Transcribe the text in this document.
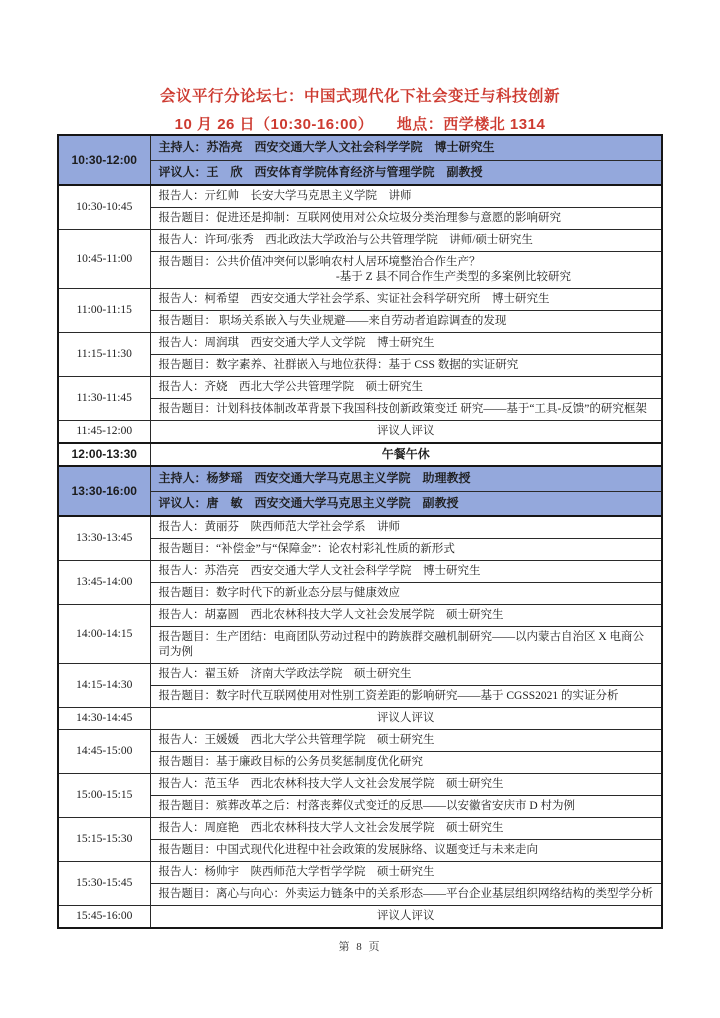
会议平行分论坛七：中国式现代化下社会变迁与科技创新
10 月 26 日（10:30-16:00）　　地点：西学楼北 1314
10:30-12:00	主持人：苏浩亮　西安交通大学人文社会科学学院　博士研究生
	评议人：王　欣　西安体育学院体育经济与管理学院　副教授
10:30-10:45	报告人：亓红帅　长安大学马克思主义学院　讲师

	报告题目：促进还是抑制：互联网使用对公众垃圾分类治理参与意愿的影响研究

10:45-11:00	报告人：许珂/张秀　西北政法大学政治与公共管理学院　讲师/硕士研究生

	报告题目：公共价值冲突何以影响农村人居环境整治合作生产？
-基于 Z 县不同合作生产类型的多案例比较研究

11:00-11:15	报告人：柯希望　西安交通大学社会学系、实证社会科学研究所　博士研究生

	报告题目： 职场关系嵌入与失业规避——来自劳动者追踪调查的发现

11:15-11:30	报告人：周润琪　西安交通大学人文学院　博士研究生

	报告题目：数字素养、社群嵌入与地位获得：基于 CSS 数据的实证研究

11:30-11:45	报告人：齐娆　西北大学公共管理学院　硕士研究生

	报告题目：计划科技体制改革背景下我国科技创新政策变迁 研究——基于“工具-反馈”的研究框架

11:45-12:00	评议人评议
12:00-13:30	午餐午休
13:30-16:00	主持人：杨梦瑶　西安交通大学马克思主义学院　助理教授
	评议人：唐　敏　西安交通大学马克思主义学院　副教授
13:30-13:45	报告人：黄丽芬　陕西师范大学社会学系　讲师

	报告题目：“补偿金”与“保障金”：论农村彩礼性质的新形式

13:45-14:00	报告人：苏浩亮　西安交通大学人文社会科学学院　博士研究生

	报告题目：数字时代下的新业态分层与健康效应

14:00-14:15	报告人：胡嘉圆　西北农林科技大学人文社会发展学院　硕士研究生

	报告题目：生产团结：电商团队劳动过程中的跨族群交融机制研究——以内蒙古自治区 X 电商公司为例

14:15-14:30	报告人：翟玉娇　济南大学政法学院　硕士研究生

	报告题目：数字时代互联网使用对性别工资差距的影响研究——基于 CGSS2021 的实证分析

14:30-14:45	评议人评议
14:45-15:00	报告人：王媛媛　西北大学公共管理学院　硕士研究生

	报告题目：基于廉政目标的公务员奖惩制度优化研究

15:00-15:15	报告人：范玉华　西北农林科技大学人文社会发展学院　硕士研究生

	报告题目：殡葬改革之后：村落丧葬仪式变迁的反思——以安徽省安庆市 D 村为例

15:15-15:30	报告人：周庭艳　西北农林科技大学人文社会发展学院　硕士研究生

	报告题目：中国式现代化进程中社会政策的发展脉络、议题变迁与未来走向

15:30-15:45	报告人：杨帅宇　陕西师范大学哲学学院　硕士研究生

	报告题目：离心与向心：外卖运力链条中的关系形态——平台企业基层组织网络结构的类型学分析

15:45-16:00	评议人评议
第 8 页
